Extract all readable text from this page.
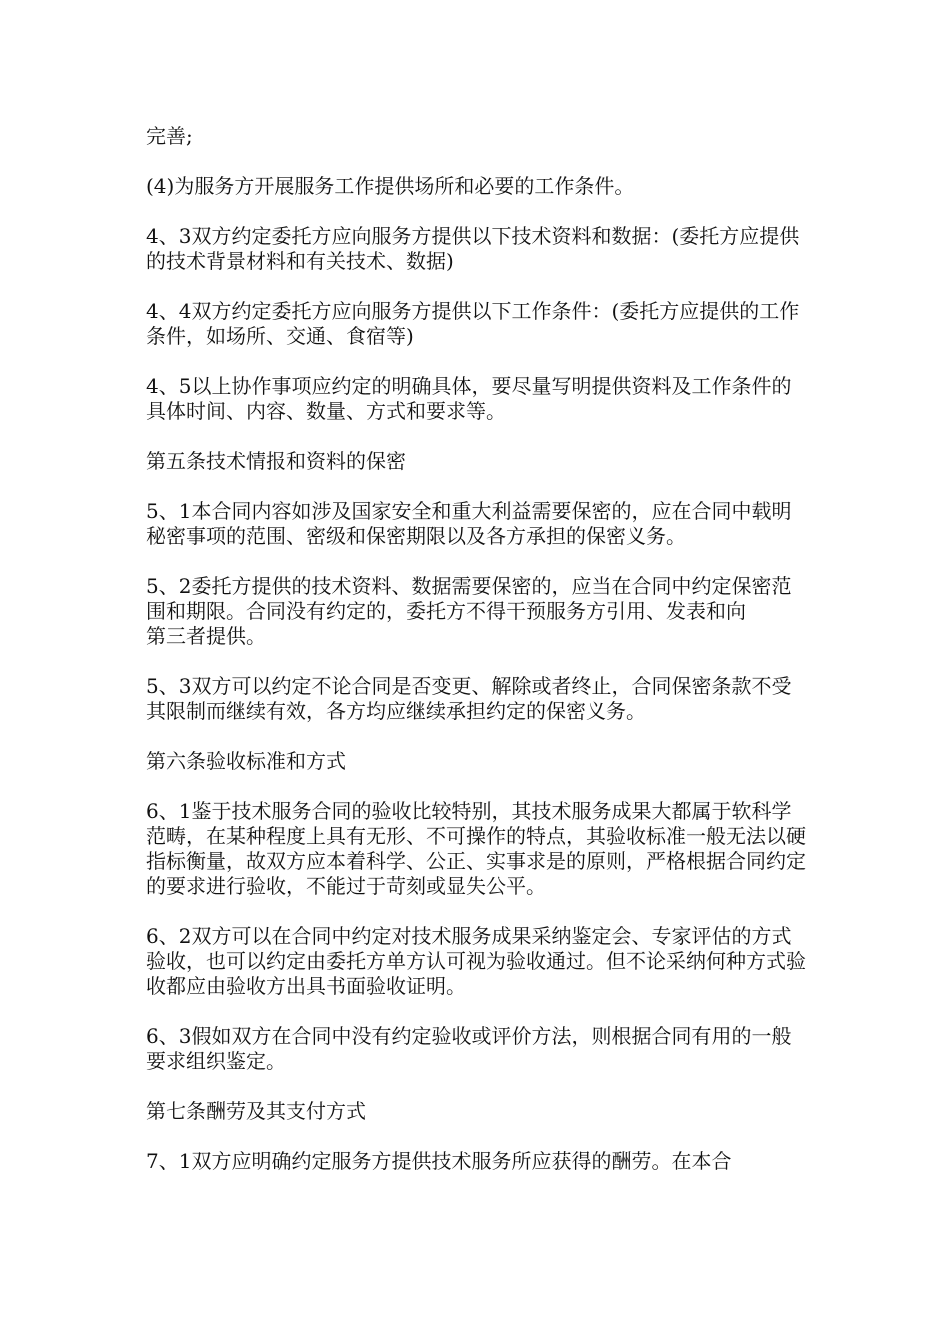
完善;

(4)为服务方开展服务工作提供场所和必要的工作条件。

4、3双方约定委托方应向服务方提供以下技术资料和数据：(委托方应提供的技术背景材料和有关技术、数据)

4、4双方约定委托方应向服务方提供以下工作条件：(委托方应提供的工作条件，如场所、交通、食宿等)

4、5以上协作事项应约定的明确具体，要尽量写明提供资料及工作条件的具体时间、内容、数量、方式和要求等。

第五条技术情报和资料的保密

5、1本合同内容如涉及国家安全和重大利益需要保密的，应在合同中载明秘密事项的范围、密级和保密期限以及各方承担的保密义务。

5、2委托方提供的技术资料、数据需要保密的，应当在合同中约定保密范围和期限。合同没有约定的，委托方不得干预服务方引用、发表和向

第三者提供。

5、3双方可以约定不论合同是否变更、解除或者终止，合同保密条款不受其限制而继续有效，各方均应继续承担约定的保密义务。

第六条验收标准和方式

6、1鉴于技术服务合同的验收比较特别，其技术服务成果大都属于软科学范畴，在某种程度上具有无形、不可操作的特点，其验收标准一般无法以硬指标衡量，故双方应本着科学、公正、实事求是的原则，严格根据合同约定的要求进行验收，不能过于苛刻或显失公平。

6、2双方可以在合同中约定对技术服务成果采纳鉴定会、专家评估的方式验收，也可以约定由委托方单方认可视为验收通过。但不论采纳何种方式验收都应由验收方出具书面验收证明。

6、3假如双方在合同中没有约定验收或评价方法，则根据合同有用的一般要求组织鉴定。

第七条酬劳及其支付方式

7、1双方应明确约定服务方提供技术服务所应获得的酬劳。在本合
